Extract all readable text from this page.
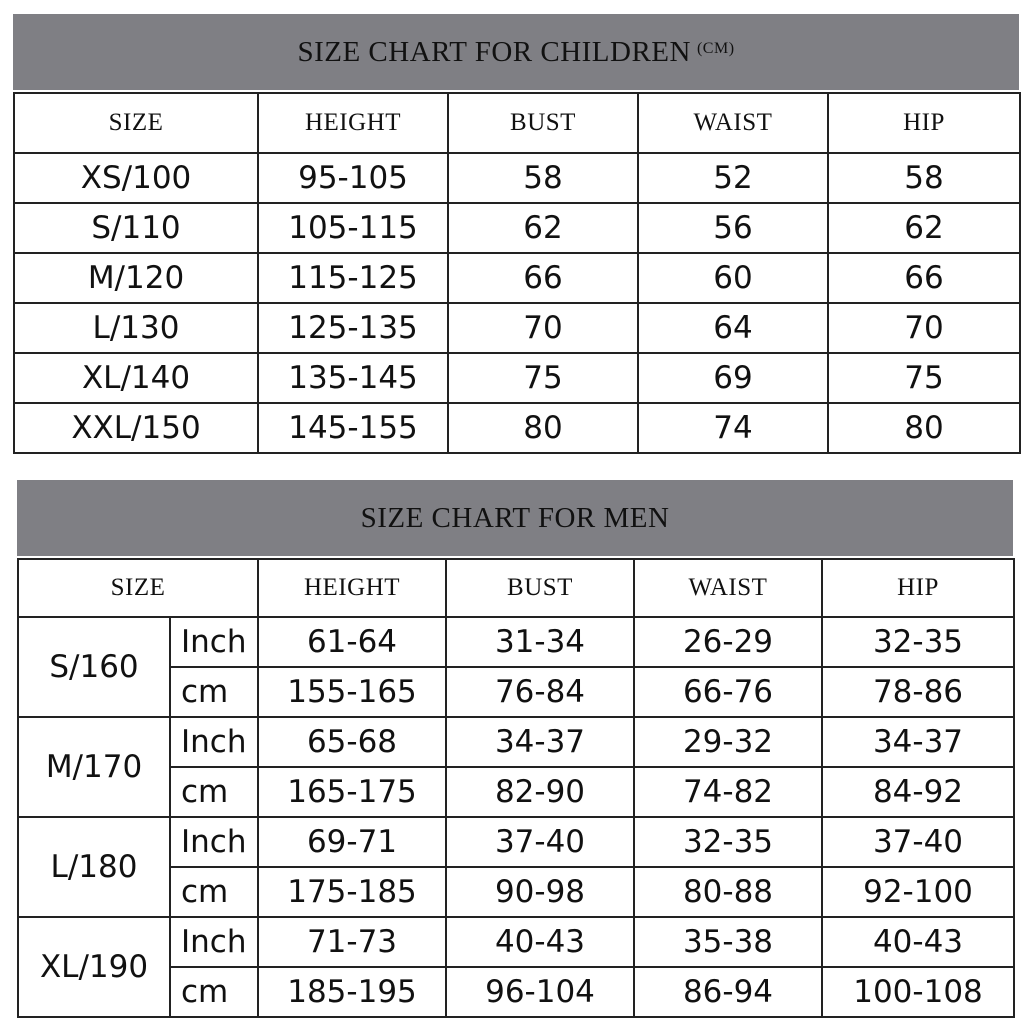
SIZE CHART FOR CHILDREN (CM)
SIZE	HEIGHT	BUST	WAIST	HIP
XS/100	95-105	58	52	58
S/110	105-115	62	56	62
M/120	115-125	66	60	66
L/130	125-135	70	64	70
XL/140	135-145	75	69	75
XXL/150	145-155	80	74	80
SIZE CHART FOR MEN
SIZE		HEIGHT	BUST	WAIST	HIP
S/160	Inch	61-64	31-34	26-29	32-35
	cm	155-165	76-84	66-76	78-86
M/170	Inch	65-68	34-37	29-32	34-37
	cm	165-175	82-90	74-82	84-92
L/180	Inch	69-71	37-40	32-35	37-40
	cm	175-185	90-98	80-88	92-100
XL/190	Inch	71-73	40-43	35-38	40-43
	cm	185-195	96-104	86-94	100-108
